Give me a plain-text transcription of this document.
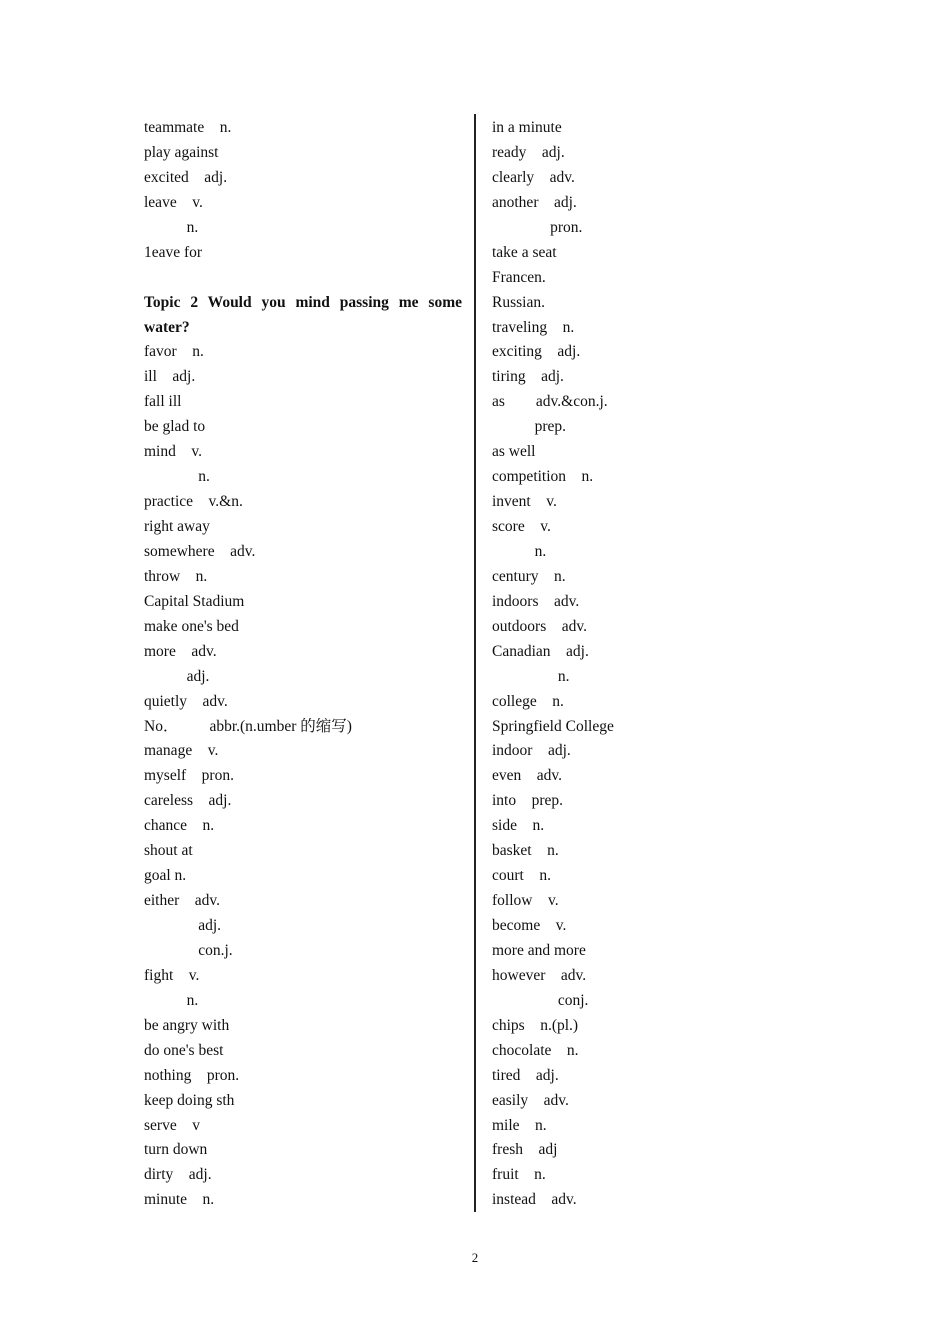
teammate    n.
play against
excited    adj.
leave    v.
n.
1eave for
Topic 2 Would you mind passing me some water?
favor    n.
ill    adj.
fall ill
be glad to
mind    v.
n.
practice    v.&n.
right away
somewhere    adv.
throw    n.
Capital Stadium
make one's bed
more    adv.
adj.
quietly    adv.
No．        abbr.(n.umber 的缩写)
manage    v.
myself    pron.
careless    adj.
chance    n.
shout at
goal n.
either    adv.
adj.
con.j.
fight    v.
n.
be angry with
do one's best
nothing    pron.
keep doing sth
serve    v
turn down
dirty    adj.
minute    n.
in a minute
ready    adj.
clearly    adv.
another    adj.
pron.
take a seat
Francen.
Russian.
traveling    n.
exciting    adj.
tiring    adj.
as        adv.&con.j.
prep.
as well
competition    n.
invent    v.
score    v.
n.
century    n.
indoors    adv.
outdoors    adv.
Canadian    adj.
n.
college    n.
Springfield College
indoor    adj.
even    adv.
into    prep.
side    n.
basket    n.
court    n.
follow    v.
become    v.
more and more
however    adv.
conj.
chips    n.(pl.)
chocolate    n.
tired    adj.
easily    adv.
mile    n.
fresh    adj
fruit    n.
instead    adv.
2
